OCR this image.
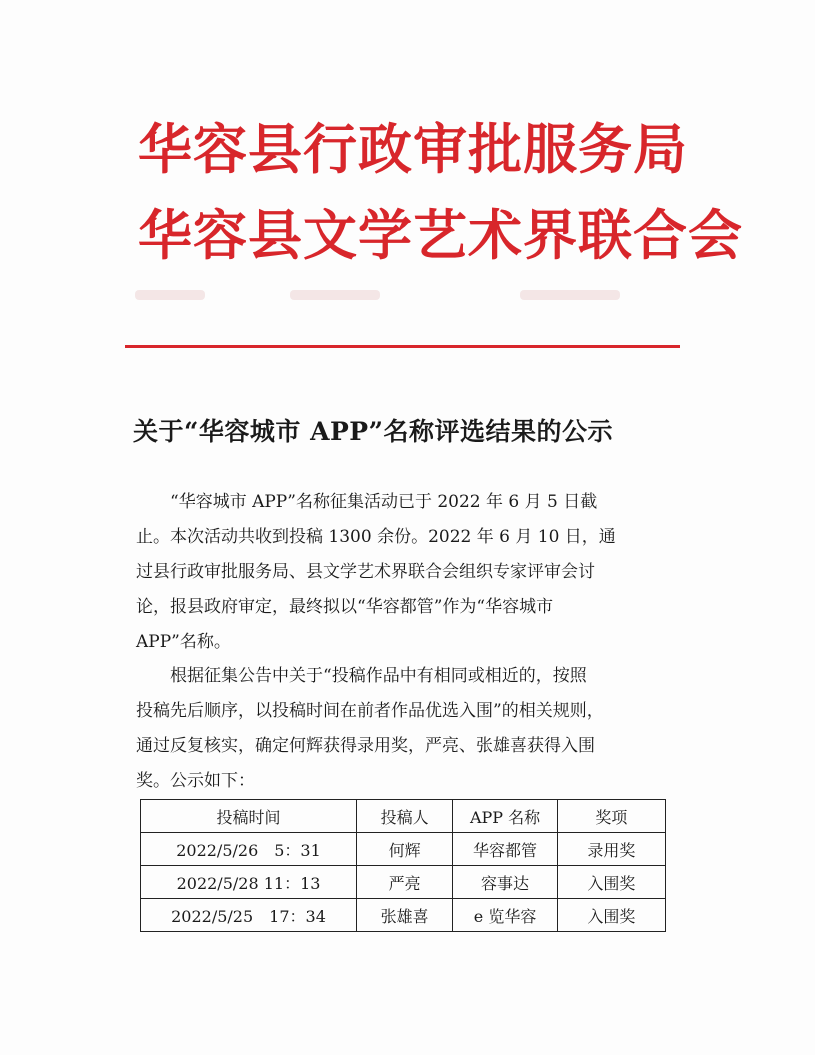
华容县行政审批服务局
华容县文学艺术界联合会
关于“华容城市 APP”名称评选结果的公示
“华容城市 APP”名称征集活动已于 2022 年 6 月 5 日截
止。本次活动共收到投稿 1300 余份。2022 年 6 月 10 日，通
过县行政审批服务局、县文学艺术界联合会组织专家评审会讨
论，报县政府审定，最终拟以“华容都管”作为“华容城市
APP”名称。
根据征集公告中关于“投稿作品中有相同或相近的，按照
投稿先后顺序，以投稿时间在前者作品优选入围”的相关规则，
通过反复核实，确定何辉获得录用奖，严亮、张雄喜获得入围
奖。公示如下：
投稿时间	投稿人	APP 名称	奖项
2022/5/26　5：31	何辉	华容都管	录用奖
2022/5/28 11：13	严亮	容事达	入围奖
2022/5/25　17：34	张雄喜	e 览华容	入围奖
